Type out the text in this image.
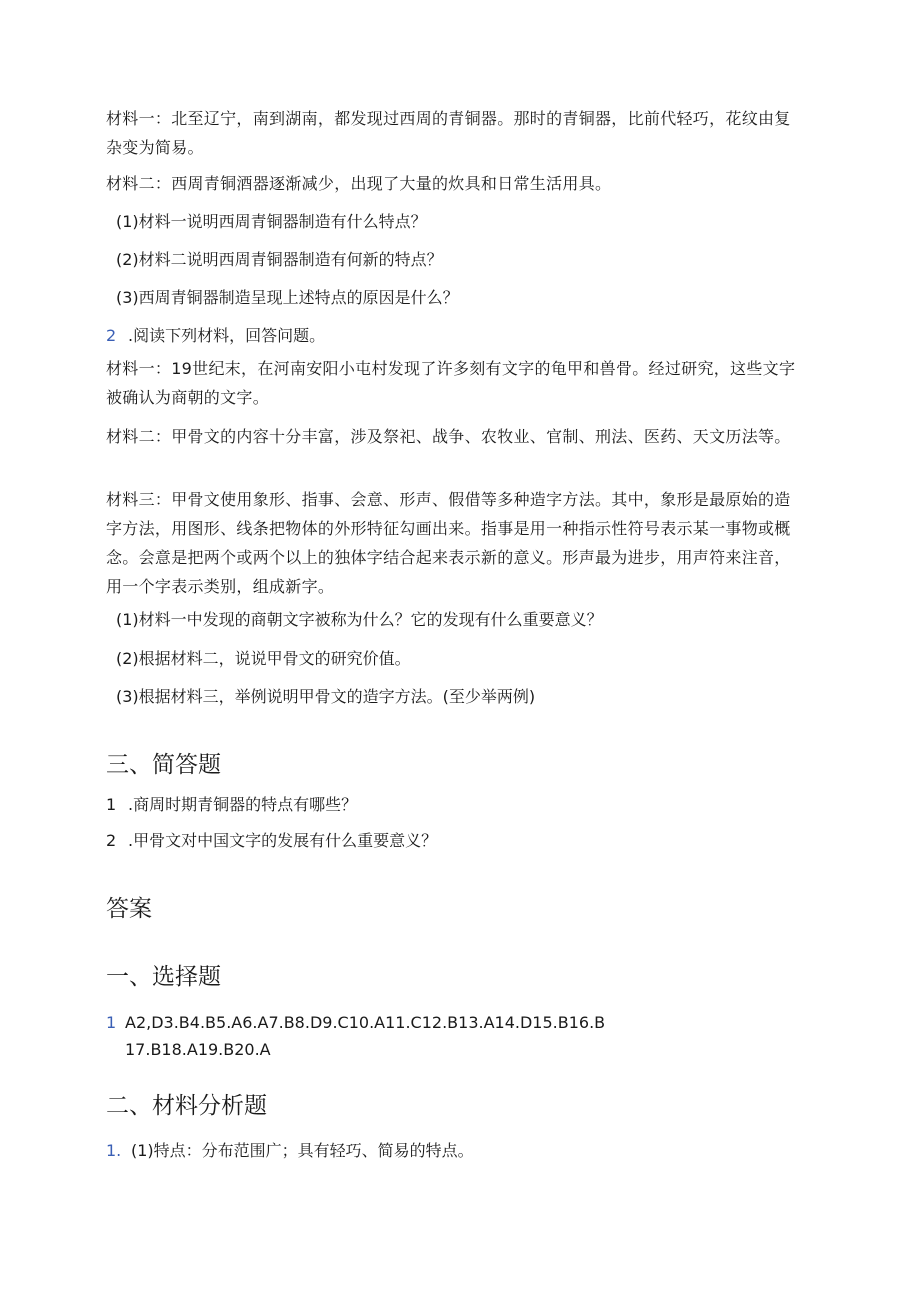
材料一：北至辽宁，南到湖南，都发现过西周的青铜器。那时的青铜器，比前代轻巧，花纹由复杂变为简易。

材料二：西周青铜酒器逐渐减少，出现了大量的炊具和日常生活用具。

(1)材料一说明西周青铜器制造有什么特点？

(2)材料二说明西周青铜器制造有何新的特点？

(3)西周青铜器制造呈现上述特点的原因是什么？

2 .阅读下列材料，回答问题。

材料一：19世纪末，在河南安阳小屯村发现了许多刻有文字的龟甲和兽骨。经过研究，这些文字被确认为商朝的文字。

材料二：甲骨文的内容十分丰富，涉及祭祀、战争、农牧业、官制、刑法、医药、天文历法等。

材料三：甲骨文使用象形、指事、会意、形声、假借等多种造字方法。其中，象形是最原始的造字方法，用图形、线条把物体的外形特征勾画出来。指事是用一种指示性符号表示某一事物或概念。会意是把两个或两个以上的独体字结合起来表示新的意义。形声最为进步，用声符来注音，用一个字表示类别，组成新字。

(1)材料一中发现的商朝文字被称为什么？它的发现有什么重要意义？

(2)根据材料二，说说甲骨文的研究价值。

(3)根据材料三，举例说明甲骨文的造字方法。(至少举两例)

三、简答题

1 .商周时期青铜器的特点有哪些？

2 .甲骨文对中国文字的发展有什么重要意义？

答案
一、选择题
1 A2,D3.B4.B5.A6.A7.B8.D9.C10.A11.C12.B13.A14.D15.B16.B
17.B18.A19.B20.A
二、材料分析题

1. (1)特点：分布范围广；具有轻巧、简易的特点。
